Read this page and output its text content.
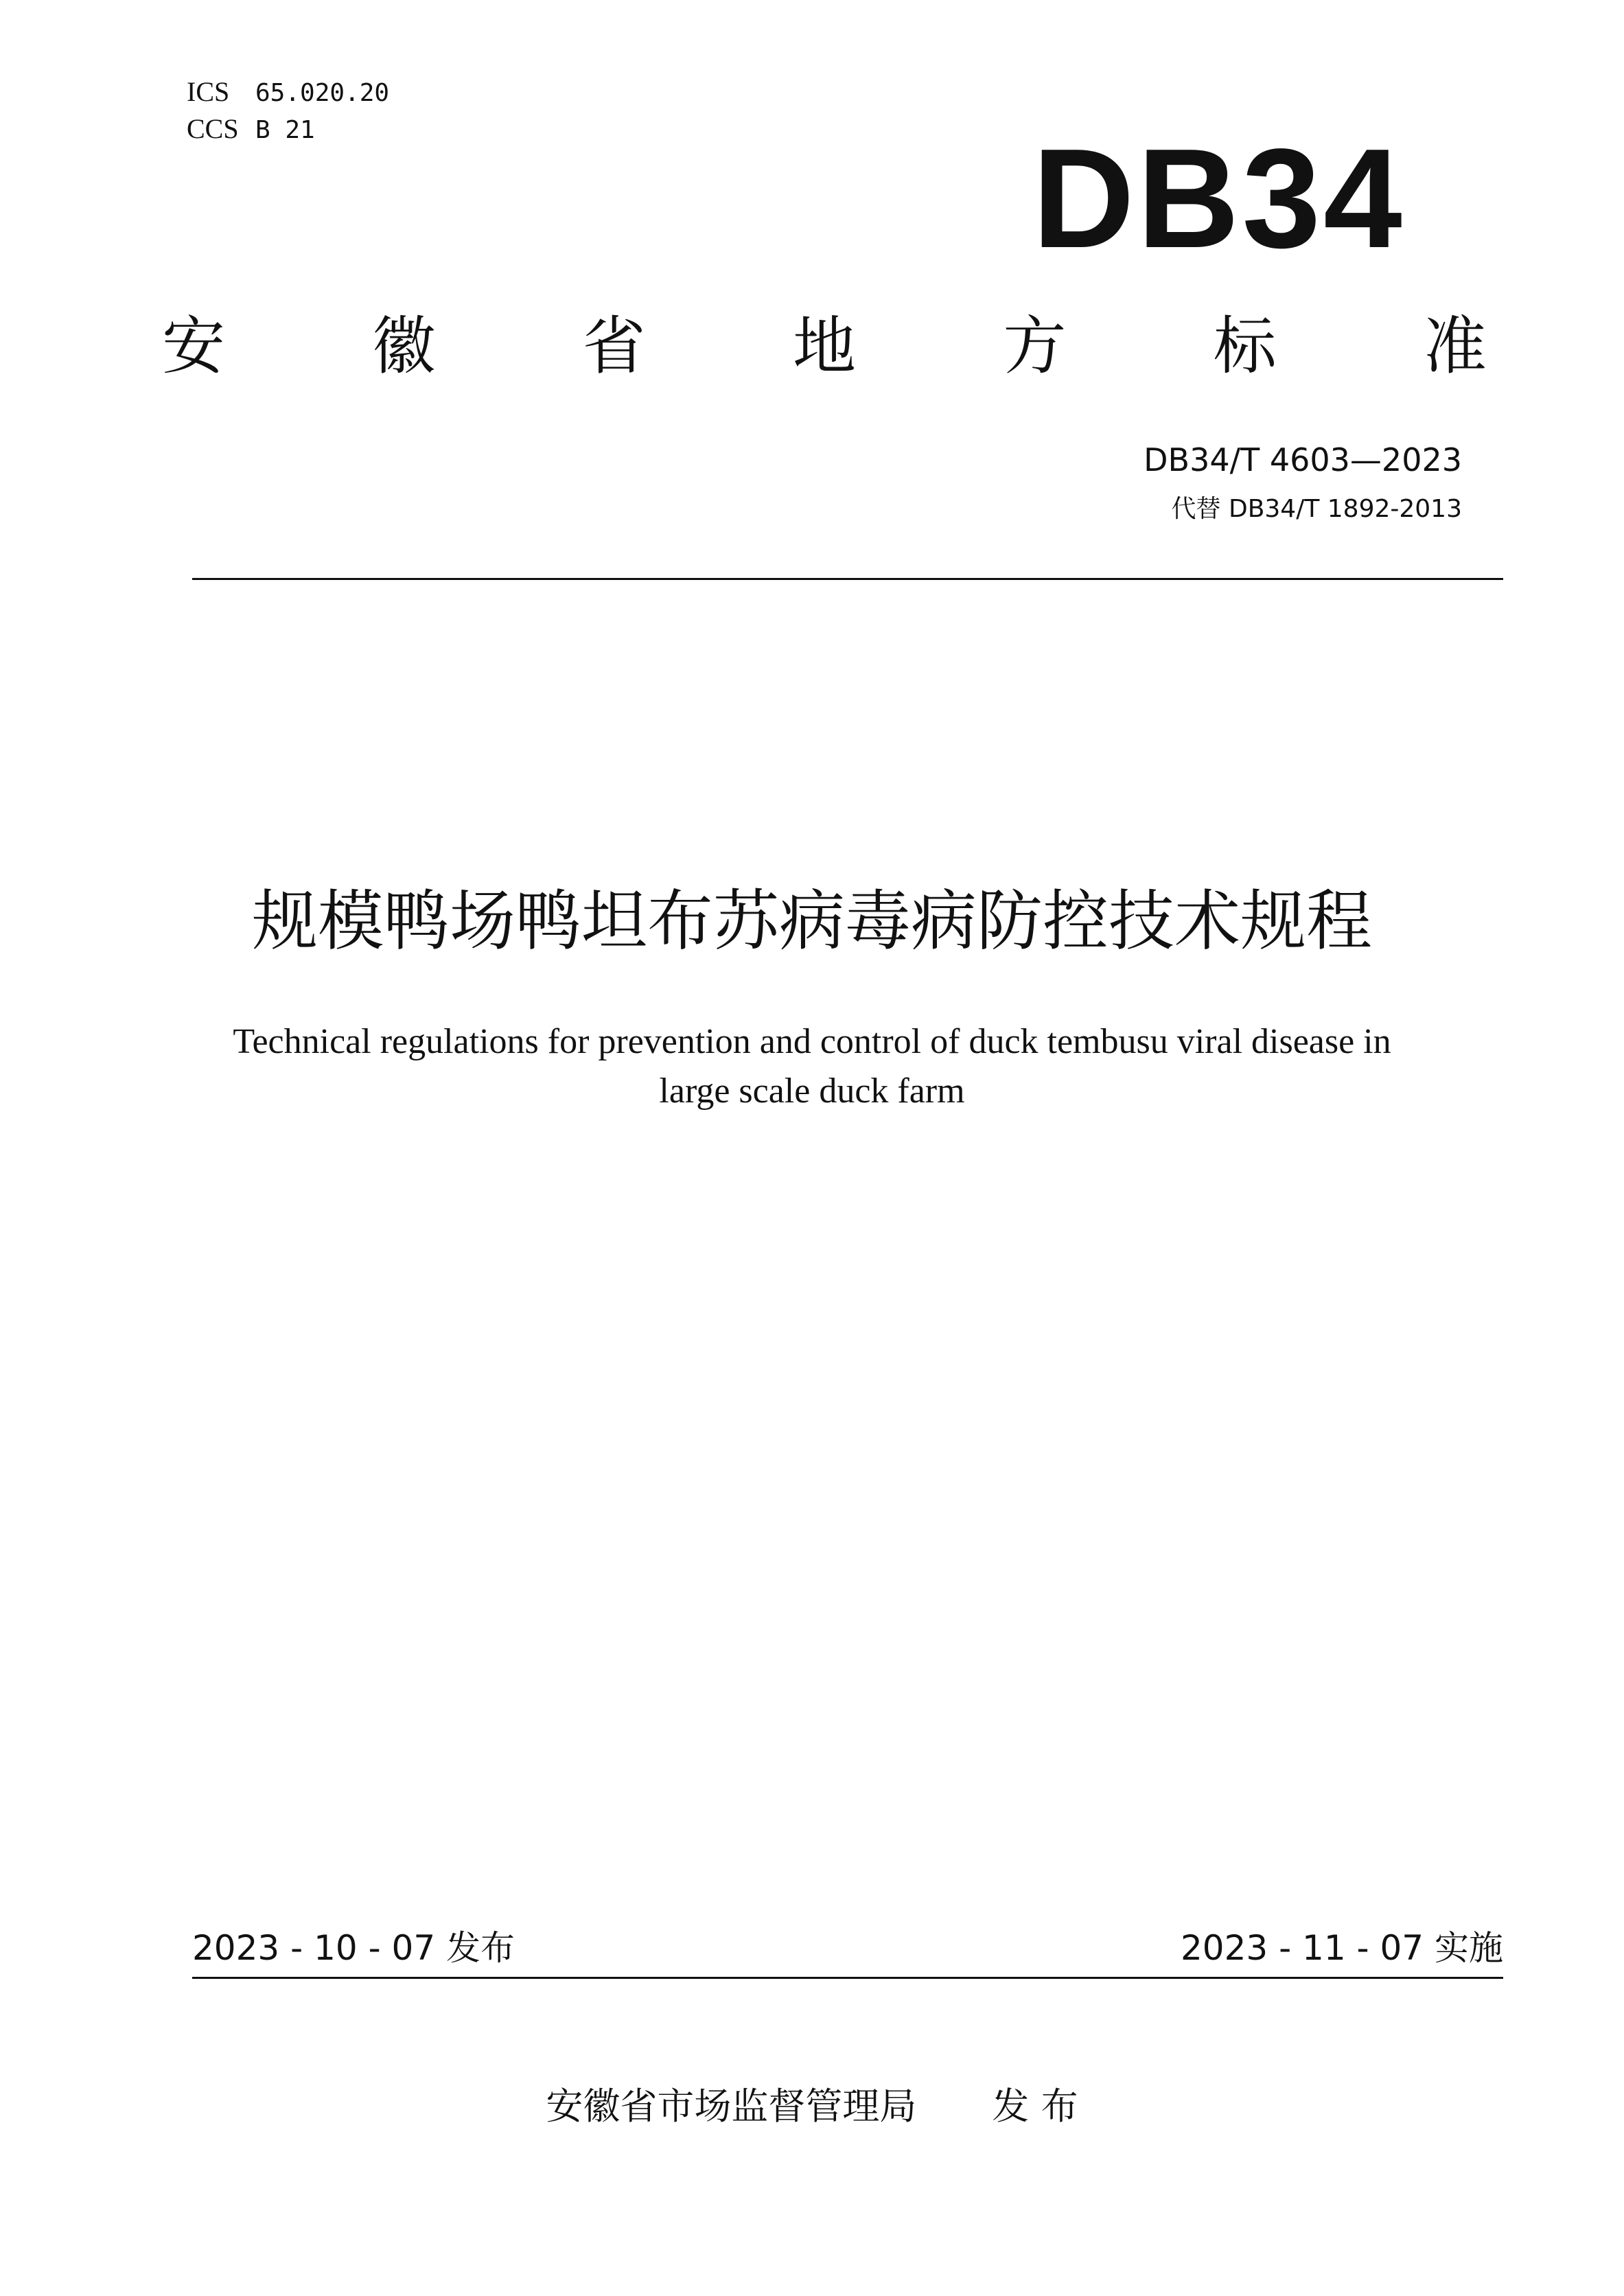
ICS 65.020.20
CCS B 21	DB34
安 徽 省 地 方 标 准
DB34/T 4603—2023
代替 DB34/T 1892-2013
规模鸭场鸭坦布苏病毒病防控技术规程
Technical regulations for prevention and control of duck tembusu viral disease in large scale duck farm
2023 - 10 - 07 发布	2023 - 11 - 07 实施
安徽省市场监督管理局 发 布
